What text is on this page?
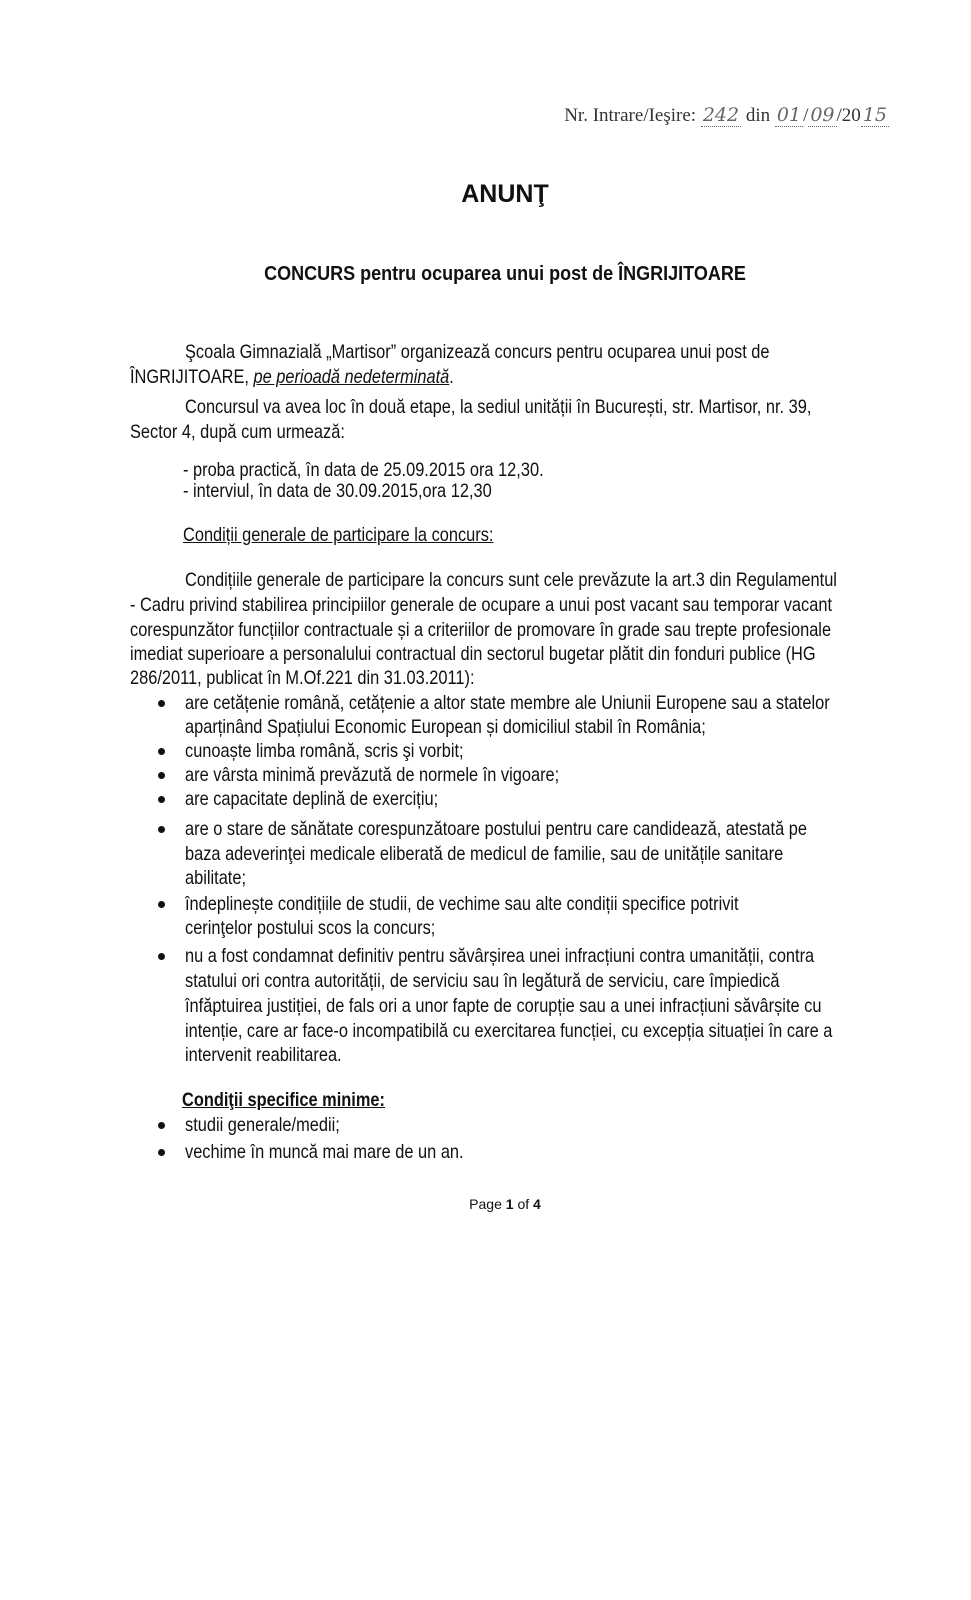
Nr. Intrare/Ieşire: 242 din 01 / 09 /20 15
ANUNŢ
CONCURS pentru ocuparea unui post de ÎNGRIJITOARE
Şcoala Gimnazială „Martisor” organizează concurs pentru ocuparea unui post de
ÎNGRIJITOARE, pe perioadă nedeterminată.
Concursul va avea loc în două etape, la sediul unității în București, str. Martisor, nr. 39,
Sector 4, după cum urmează:
- proba practică, în data de 25.09.2015 ora 12,30.
- interviul, în data de 30.09.2015,ora 12,30
Condiții generale de participare la concurs:
Condițiile generale de participare la concurs sunt cele prevăzute la art.3 din Regulamentul
- Cadru privind stabilirea principiilor generale de ocupare a unui post vacant sau temporar vacant
corespunzător funcțiilor contractuale și a criteriilor de promovare în grade sau trepte profesionale
imediat superioare a personalului contractual din sectorul bugetar plătit din fonduri publice (HG
286/2011, publicat în M.Of.221 din 31.03.2011):
are cetățenie română, cetățenie a altor state membre ale Uniunii Europene sau a statelor
aparținând Spațiului Economic European și domiciliul stabil în România;
cunoaște limba română, scris şi vorbit;
are vârsta minimă prevăzută de normele în vigoare;
are capacitate deplină de exercițiu;
are o stare de sănătate corespunzătoare postului pentru care candidează, atestată pe
baza adeverinţei medicale eliberată de medicul de familie, sau de unitățile sanitare
abilitate;
îndeplinește condițiile de studii, de vechime sau alte condiții specifice potrivit
cerinţelor postului scos la concurs;
nu a fost condamnat definitiv pentru săvârșirea unei infracțiuni contra umanității, contra
statului ori contra autorității, de serviciu sau în legătură de serviciu, care împiedică
înfăptuirea justiției, de fals ori a unor fapte de corupție sau a unei infracțiuni săvârșite cu
intenție, care ar face-o incompatibilă cu exercitarea funcției, cu excepția situației în care a
intervenit reabilitarea.
Condiţii specifice minime:
studii generale/medii;
vechime în muncă mai mare de un an.
Page 1 of 4
